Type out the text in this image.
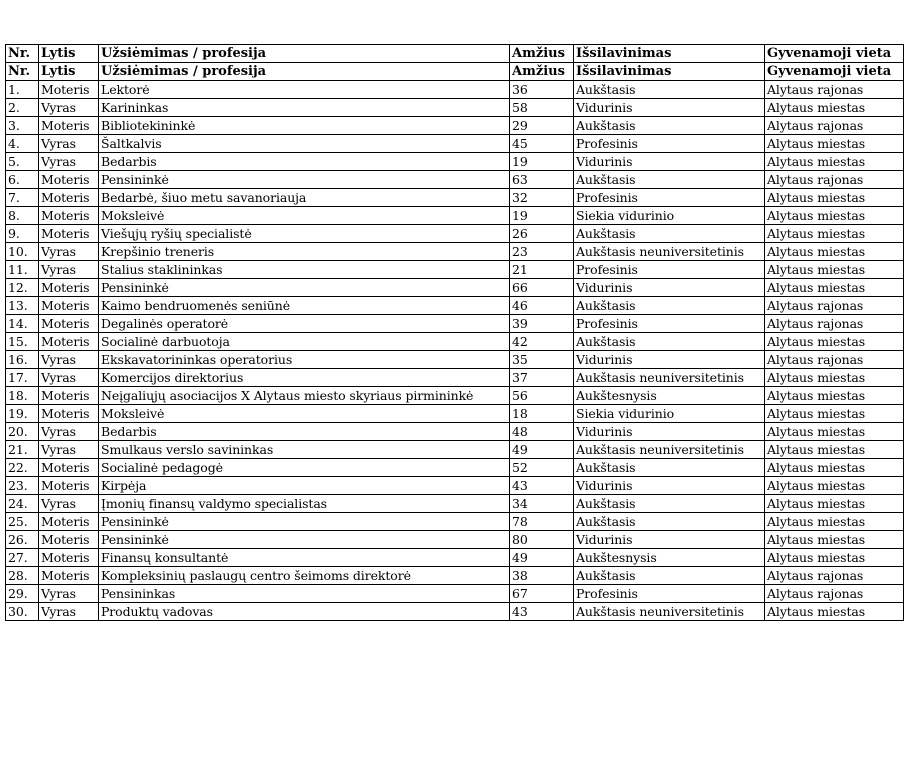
Nr.	Lytis	Užsiėmimas / profesija	Amžius	Išsilavinimas	Gyvenamoji vieta
Nr.	Lytis	Užsiėmimas / profesija	Amžius	Išsilavinimas	Gyvenamoji vieta
1.	Moteris	Lektorė	36	Aukštasis	Alytaus rajonas
2.	Vyras	Karininkas	58	Vidurinis	Alytaus miestas
3.	Moteris	Bibliotekininkė	29	Aukštasis	Alytaus rajonas
4.	Vyras	Šaltkalvis	45	Profesinis	Alytaus miestas
5.	Vyras	Bedarbis	19	Vidurinis	Alytaus miestas
6.	Moteris	Pensininkė	63	Aukštasis	Alytaus rajonas
7.	Moteris	Bedarbė, šiuo metu savanoriauja	32	Profesinis	Alytaus miestas
8.	Moteris	Moksleivė	19	Siekia vidurinio	Alytaus miestas
9.	Moteris	Viešųjų ryšių specialistė	26	Aukštasis	Alytaus miestas
10.	Vyras	Krepšinio treneris	23	Aukštasis neuniversitetinis	Alytaus miestas
11.	Vyras	Stalius staklininkas	21	Profesinis	Alytaus miestas
12.	Moteris	Pensininkė	66	Vidurinis	Alytaus miestas
13.	Moteris	Kaimo bendruomenės seniūnė	46	Aukštasis	Alytaus rajonas
14.	Moteris	Degalinės operatorė	39	Profesinis	Alytaus rajonas
15.	Moteris	Socialinė darbuotoja	42	Aukštasis	Alytaus miestas
16.	Vyras	Ekskavatorininkas operatorius	35	Vidurinis	Alytaus rajonas
17.	Vyras	Komercijos direktorius	37	Aukštasis neuniversitetinis	Alytaus miestas
18.	Moteris	Neįgaliųjų asociacijos X Alytaus miesto skyriaus pirmininkė	56	Aukštesnysis	Alytaus miestas
19.	Moteris	Moksleivė	18	Siekia vidurinio	Alytaus miestas
20.	Vyras	Bedarbis	48	Vidurinis	Alytaus miestas
21.	Vyras	Smulkaus verslo savininkas	49	Aukštasis neuniversitetinis	Alytaus miestas
22.	Moteris	Socialinė pedagogė	52	Aukštasis	Alytaus miestas
23.	Moteris	Kirpėja	43	Vidurinis	Alytaus miestas
24.	Vyras	Įmonių finansų valdymo specialistas	34	Aukštasis	Alytaus miestas
25.	Moteris	Pensininkė	78	Aukštasis	Alytaus miestas
26.	Moteris	Pensininkė	80	Vidurinis	Alytaus miestas
27.	Moteris	Finansų konsultantė	49	Aukštesnysis	Alytaus miestas
28.	Moteris	Kompleksinių paslaugų centro šeimoms direktorė	38	Aukštasis	Alytaus rajonas
29.	Vyras	Pensininkas	67	Profesinis	Alytaus rajonas
30.	Vyras	Produktų vadovas	43	Aukštasis neuniversitetinis	Alytaus miestas
